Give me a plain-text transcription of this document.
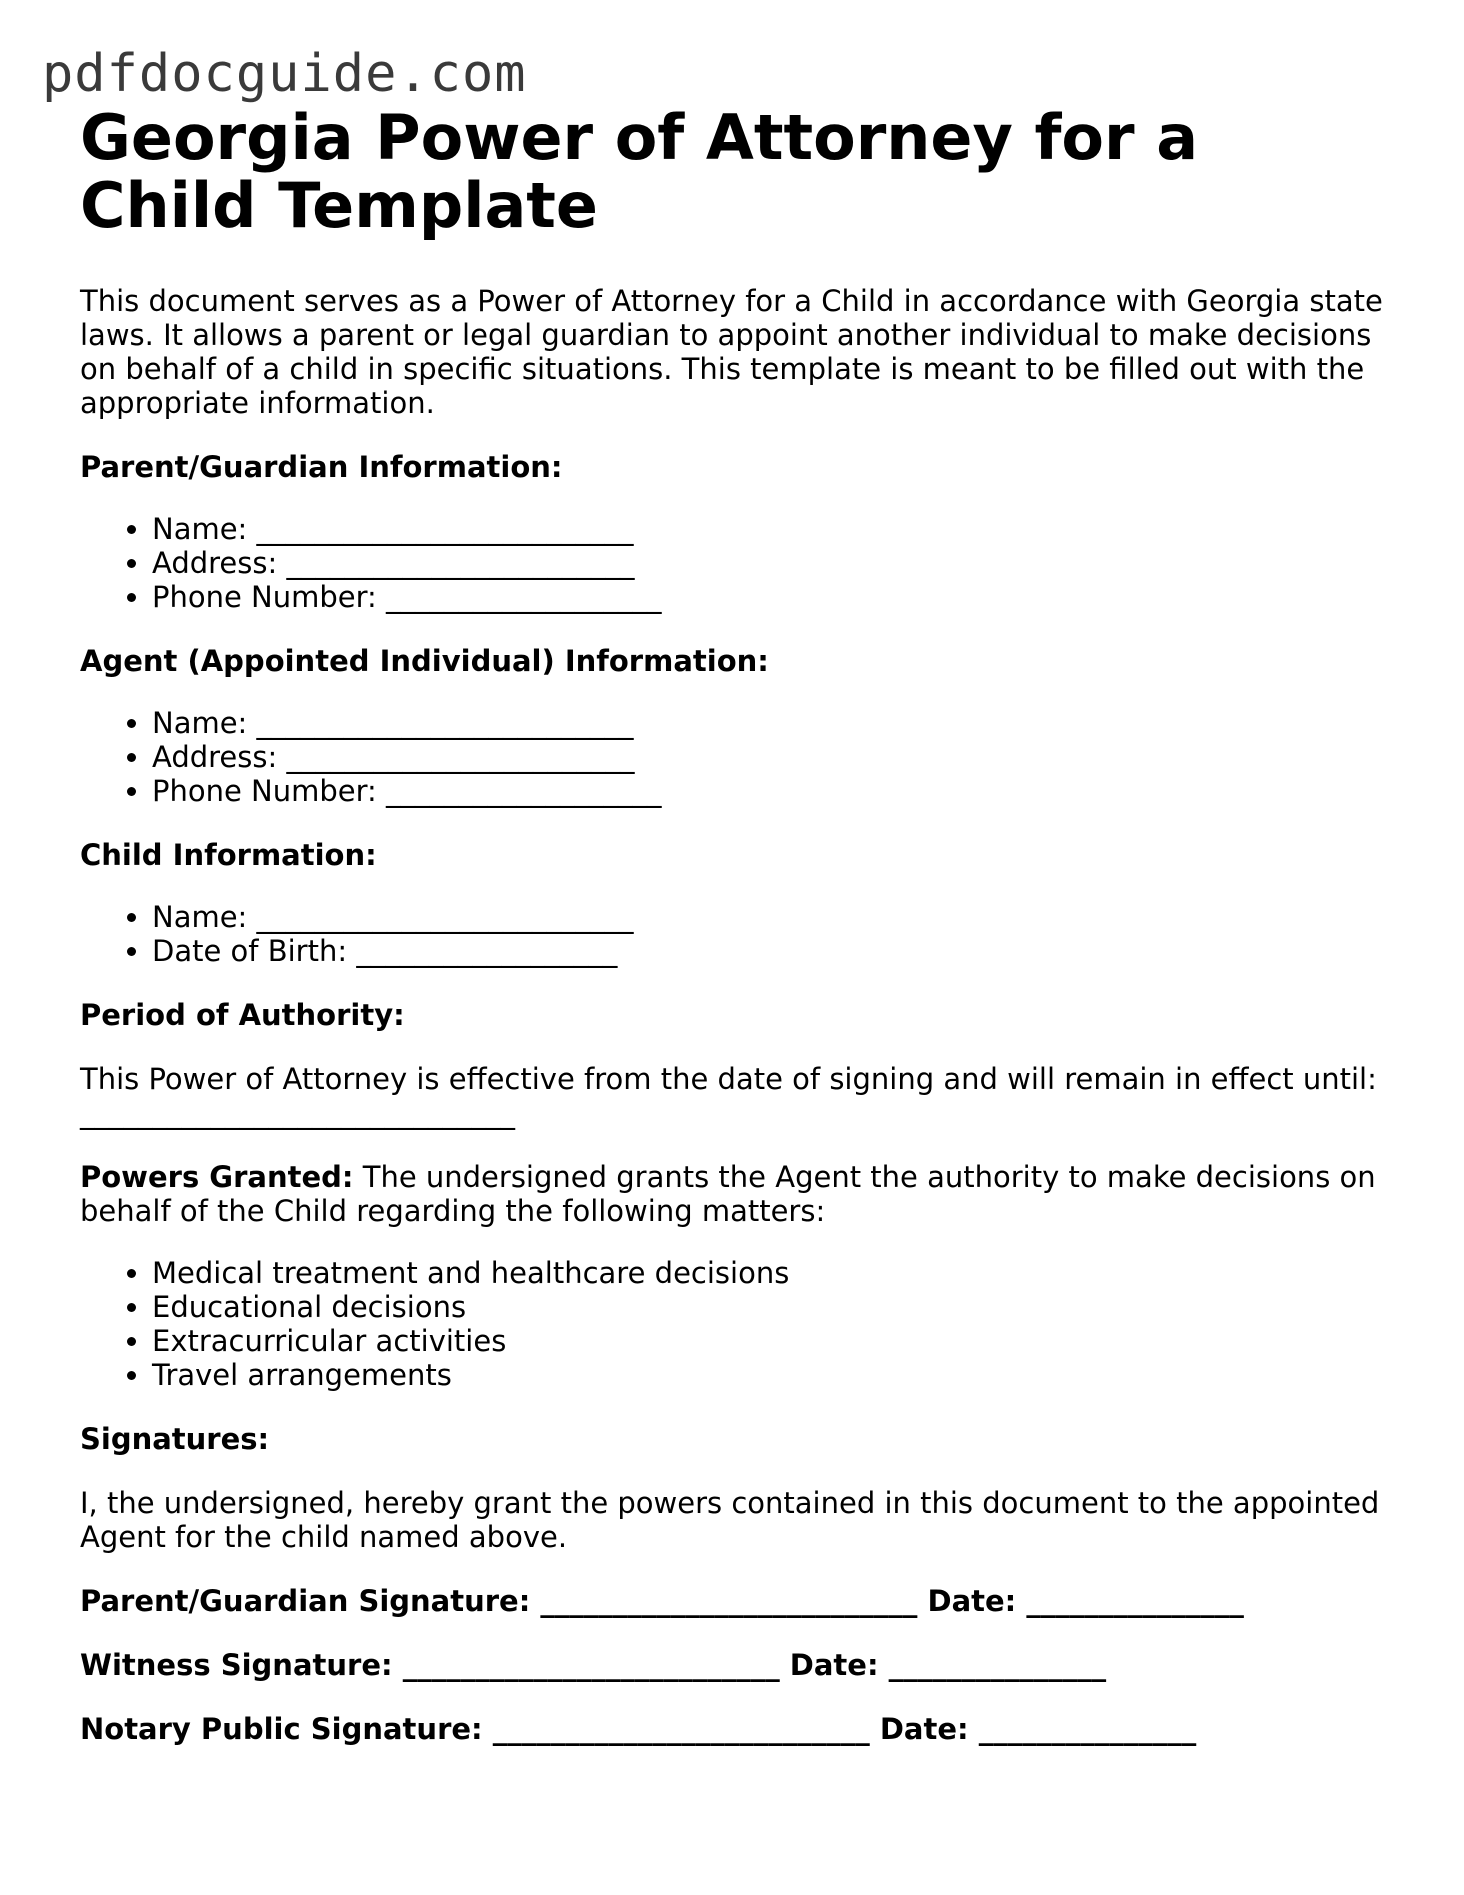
pdfdocguide.com
Georgia Power of Attorney for a Child Template

This document serves as a Power of Attorney for a Child in accordance with Georgia state laws. It allows a parent or legal guardian to appoint another individual to make decisions on behalf of a child in specific situations. This template is meant to be filled out with the appropriate information.

Parent/Guardian Information:

• Name: __________________________
• Address: ________________________
• Phone Number: ___________________

Agent (Appointed Individual) Information:

• Name: __________________________
• Address: ________________________
• Phone Number: ___________________

Child Information:

• Name: __________________________
• Date of Birth: __________________

Period of Authority:

This Power of Attorney is effective from the date of signing and will remain in effect until: ______________________________

Powers Granted: The undersigned grants the Agent the authority to make decisions on behalf of the Child regarding the following matters:

• Medical treatment and healthcare decisions
• Educational decisions
• Extracurricular activities
• Travel arrangements

Signatures:

I, the undersigned, hereby grant the powers contained in this document to the appointed Agent for the child named above.

Parent/Guardian Signature: __________________________ Date: _______________

Witness Signature: __________________________ Date: _______________

Notary Public Signature: __________________________ Date: _______________
